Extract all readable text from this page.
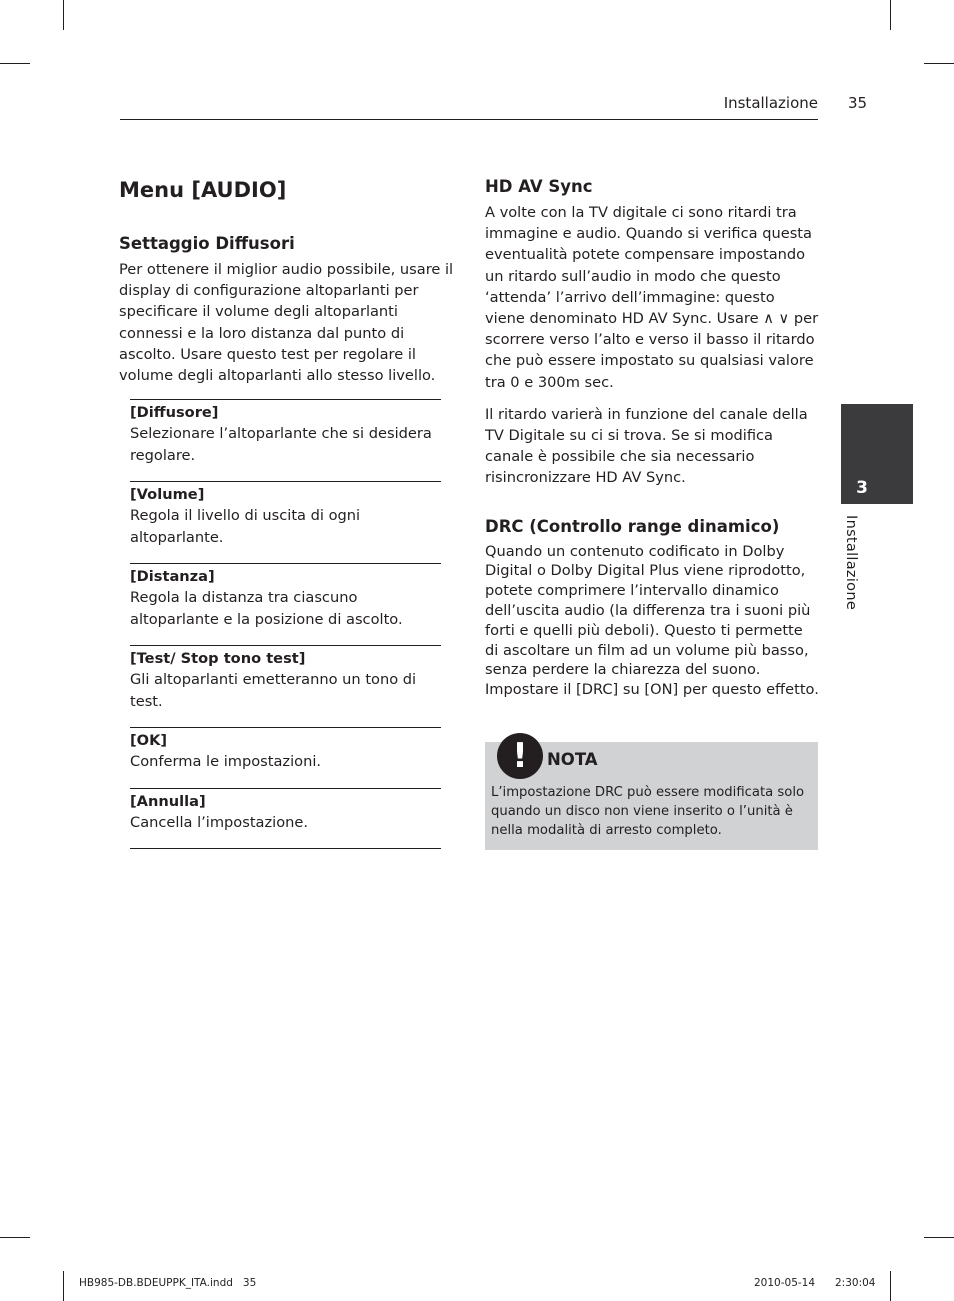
Installazione 35
Menu [AUDIO]
Settaggio Diffusori

Per ottenere il miglior audio possibile, usare il display di configurazione altoparlanti per specificare il volume degli altoparlanti connessi e la loro distanza dal punto di ascolto. Usare questo test per regolare il volume degli altoparlanti allo stesso livello.

[Diffusore]
Selezionare l’altoparlante che si desidera regolare.
[Volume]
Regola il livello di uscita di ogni altoparlante.
[Distanza]
Regola la distanza tra ciascuno altoparlante e la posizione di ascolto.
[Test/ Stop tono test]
Gli altoparlanti emetteranno un tono di test.
[OK]
Conferma le impostazioni.
[Annulla]
Cancella l’impostazione.
HD AV Sync

A volte con la TV digitale ci sono ritardi tra immagine e audio. Quando si verifica questa eventualità potete compensare impostando un ritardo sull’audio in modo che questo ‘attenda’ l’arrivo dell’immagine: questo viene denominato HD AV Sync. Usare ∧ ∨ per scorrere verso l’alto e verso il basso il ritardo che può essere impostato su qualsiasi valore tra 0 e 300m sec.

Il ritardo varierà in funzione del canale della TV Digitale su ci si trova. Se si modifica canale è possibile che sia necessario risincronizzare HD AV Sync.

DRC (Controllo range dinamico)

Quando un contenuto codificato in Dolby Digital o Dolby Digital Plus viene riprodotto, potete comprimere l’intervallo dinamico dell’uscita audio (la differenza tra i suoni più forti e quelli più deboli). Questo ti permette di ascoltare un film ad un volume più basso, senza perdere la chiarezza del suono. Impostare il [DRC] su [ON] per questo effetto.

!	NOTA
L’impostazione DRC può essere modificata solo quando un disco non viene inserito o l’unità è nella modalità di arresto completo.
3
Installazione
HB985-DB.BDEUPPK_ITA.indd   35	2010-05-14 2:30:04
